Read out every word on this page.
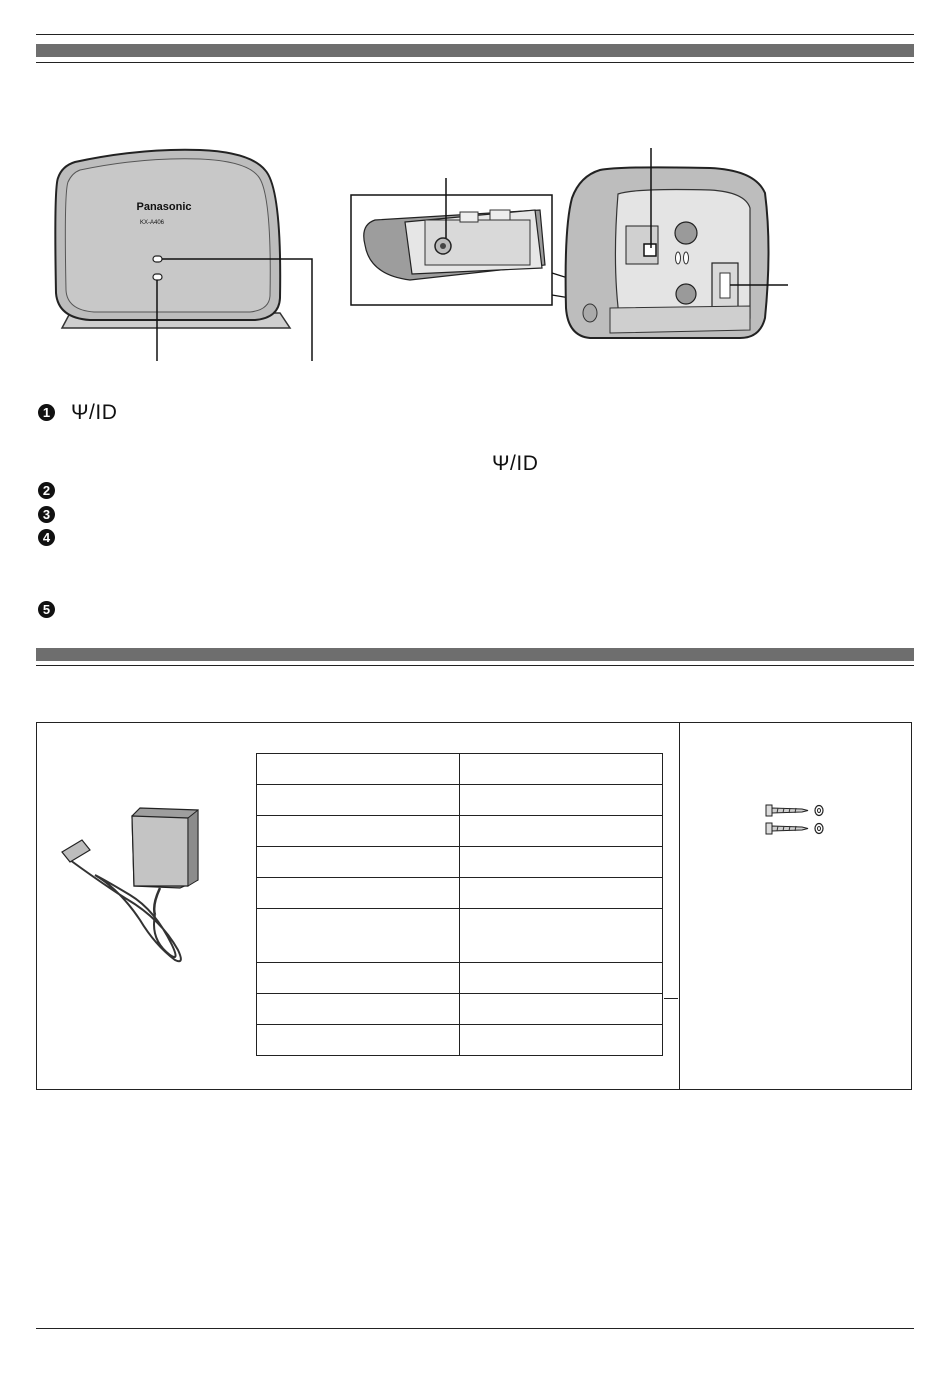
Panasonic
KX-A406
1 Ψ/ID
Ψ/ID
2
3
4
5
